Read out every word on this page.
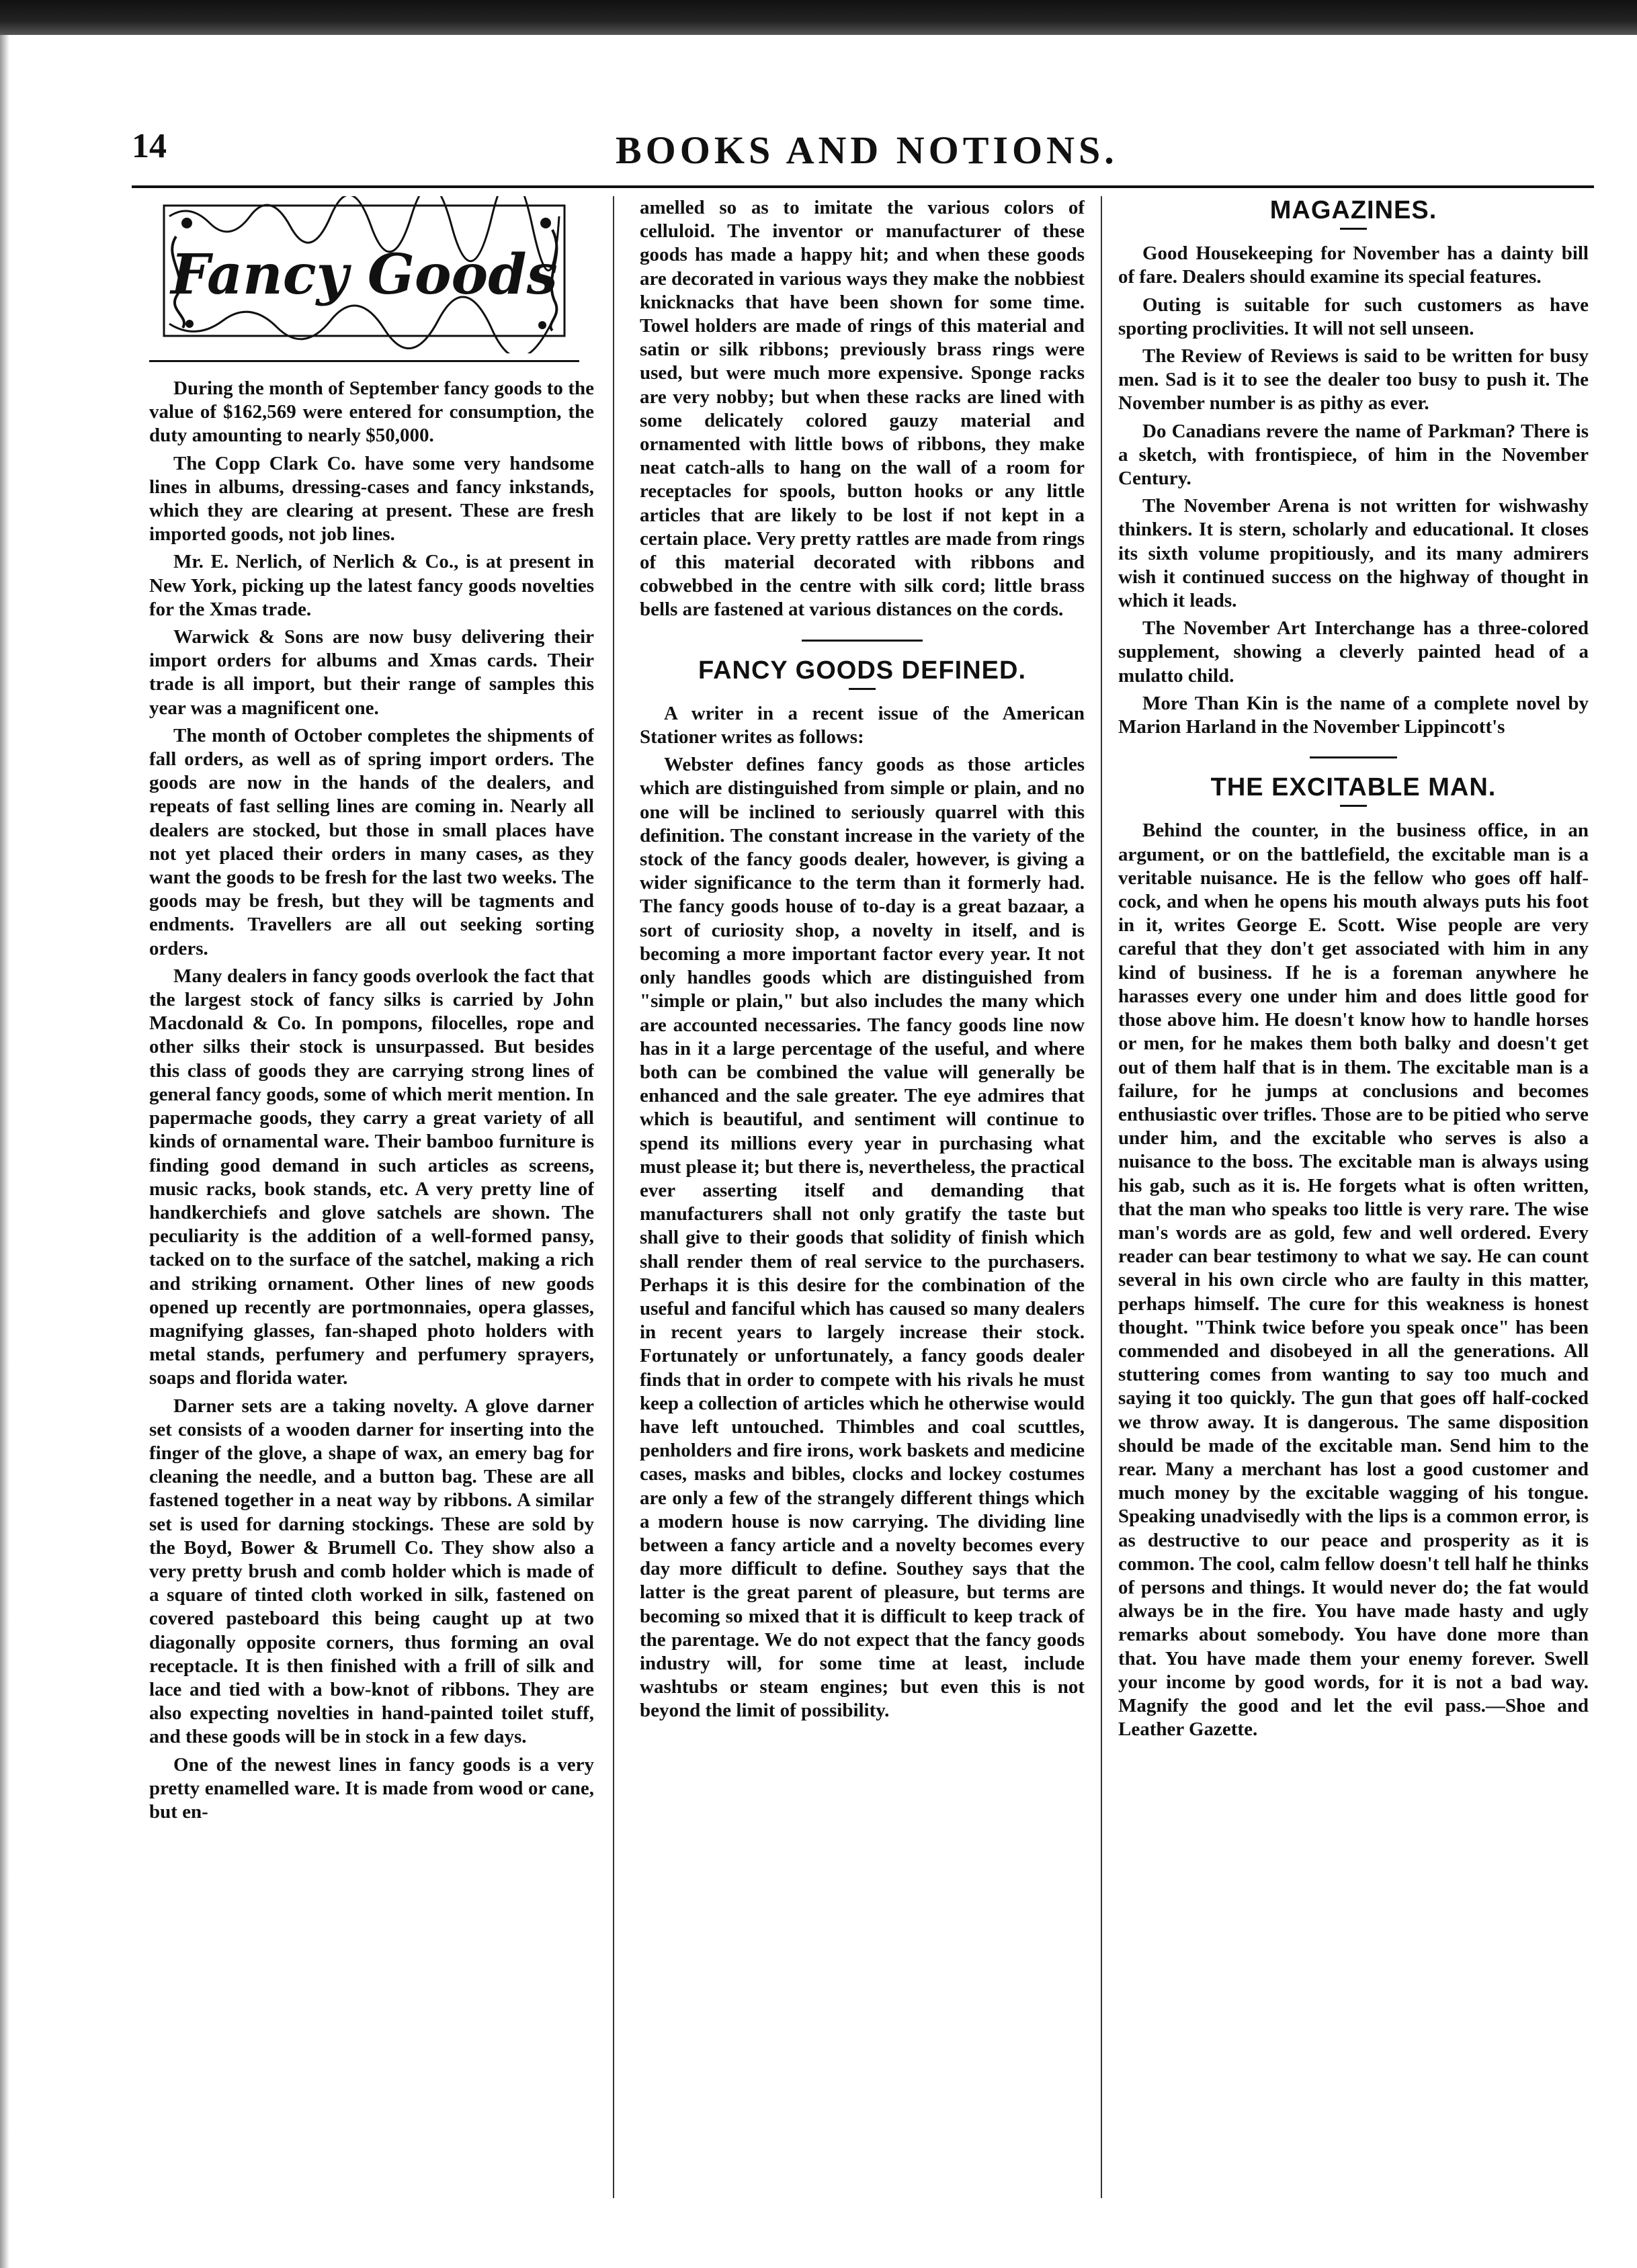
14	BOOKS AND NOTIONS.
Fancy Goods

During the month of September fancy goods to the value of $162,569 were entered for consumption, the duty amounting to nearly $50,000.

The Copp Clark Co. have some very handsome lines in albums, dressing-cases and fancy inkstands, which they are clearing at present. These are fresh imported goods, not job lines.

Mr. E. Nerlich, of Nerlich & Co., is at present in New York, picking up the latest fancy goods novelties for the Xmas trade.

Warwick & Sons are now busy delivering their import orders for albums and Xmas cards. Their trade is all import, but their range of samples this year was a magnificent one.

The month of October completes the shipments of fall orders, as well as of spring import orders. The goods are now in the hands of the dealers, and repeats of fast selling lines are coming in. Nearly all dealers are stocked, but those in small places have not yet placed their orders in many cases, as they want the goods to be fresh for the last two weeks. The goods may be fresh, but they will be tagments and endments. Travellers are all out seeking sorting orders.

Many dealers in fancy goods overlook the fact that the largest stock of fancy silks is carried by John Macdonald & Co. In pompons, filocelles, rope and other silks their stock is unsurpassed. But besides this class of goods they are carrying strong lines of general fancy goods, some of which merit mention. In papermache goods, they carry a great variety of all kinds of ornamental ware. Their bamboo furniture is finding good demand in such articles as screens, music racks, book stands, etc. A very pretty line of handkerchiefs and glove satchels are shown. The peculiarity is the addition of a well-formed pansy, tacked on to the surface of the satchel, making a rich and striking ornament. Other lines of new goods opened up recently are portmonnaies, opera glasses, magnifying glasses, fan-shaped photo holders with metal stands, perfumery and perfumery sprayers, soaps and florida water.

Darner sets are a taking novelty. A glove darner set consists of a wooden darner for inserting into the finger of the glove, a shape of wax, an emery bag for cleaning the needle, and a button bag. These are all fastened together in a neat way by ribbons. A similar set is used for darning stockings. These are sold by the Boyd, Bower & Brumell Co. They show also a very pretty brush and comb holder which is made of a square of tinted cloth worked in silk, fastened on covered pasteboard this being caught up at two diagonally opposite corners, thus forming an oval receptacle. It is then finished with a frill of silk and lace and tied with a bow-knot of ribbons. They are also expecting novelties in hand-painted toilet stuff, and these goods will be in stock in a few days.

One of the newest lines in fancy goods is a very pretty enamelled ware. It is made from wood or cane, but en-

amelled so as to imitate the various colors of celluloid. The inventor or manufacturer of these goods has made a happy hit; and when these goods are decorated in various ways they make the nobbiest knicknacks that have been shown for some time. Towel holders are made of rings of this material and satin or silk ribbons; previously brass rings were used, but were much more expensive. Sponge racks are very nobby; but when these racks are lined with some delicately colored gauzy material and ornamented with little bows of ribbons, they make neat catch-alls to hang on the wall of a room for receptacles for spools, button hooks or any little articles that are likely to be lost if not kept in a certain place. Very pretty rattles are made from rings of this material decorated with ribbons and cobwebbed in the centre with silk cord; little brass bells are fastened at various distances on the cords.

FANCY GOODS DEFINED.

A writer in a recent issue of the American Stationer writes as follows:

Webster defines fancy goods as those articles which are distinguished from simple or plain, and no one will be inclined to seriously quarrel with this definition. The constant increase in the variety of the stock of the fancy goods dealer, however, is giving a wider significance to the term than it formerly had. The fancy goods house of to-day is a great bazaar, a sort of curiosity shop, a novelty in itself, and is becoming a more important factor every year. It not only handles goods which are distinguished from "simple or plain," but also includes the many which are accounted necessaries. The fancy goods line now has in it a large percentage of the useful, and where both can be combined the value will generally be enhanced and the sale greater. The eye admires that which is beautiful, and sentiment will continue to spend its millions every year in purchasing what must please it; but there is, nevertheless, the practical ever asserting itself and demanding that manufacturers shall not only gratify the taste but shall give to their goods that solidity of finish which shall render them of real service to the purchasers. Perhaps it is this desire for the combination of the useful and fanciful which has caused so many dealers in recent years to largely increase their stock. Fortunately or unfortunately, a fancy goods dealer finds that in order to compete with his rivals he must keep a collection of articles which he otherwise would have left untouched. Thimbles and coal scuttles, penholders and fire irons, work baskets and medicine cases, masks and bibles, clocks and lockey costumes are only a few of the strangely different things which a modern house is now carrying. The dividing line between a fancy article and a novelty becomes every day more difficult to define. Southey says that the latter is the great parent of pleasure, but terms are becoming so mixed that it is difficult to keep track of the parentage. We do not expect that the fancy goods industry will, for some time at least, include washtubs or steam engines; but even this is not beyond the limit of possibility.

MAGAZINES.

Good Housekeeping for November has a dainty bill of fare. Dealers should examine its special features.

Outing is suitable for such customers as have sporting proclivities. It will not sell unseen.

The Review of Reviews is said to be written for busy men. Sad is it to see the dealer too busy to push it. The November number is as pithy as ever.

Do Canadians revere the name of Parkman? There is a sketch, with frontispiece, of him in the November Century.

The November Arena is not written for wishwashy thinkers. It is stern, scholarly and educational. It closes its sixth volume propitiously, and its many admirers wish it continued success on the highway of thought in which it leads.

The November Art Interchange has a three-colored supplement, showing a cleverly painted head of a mulatto child.

More Than Kin is the name of a complete novel by Marion Harland in the November Lippincott's

THE EXCITABLE MAN.

Behind the counter, in the business office, in an argument, or on the battlefield, the excitable man is a veritable nuisance. He is the fellow who goes off half-cock, and when he opens his mouth always puts his foot in it, writes George E. Scott. Wise people are very careful that they don't get associated with him in any kind of business. If he is a foreman anywhere he harasses every one under him and does little good for those above him. He doesn't know how to handle horses or men, for he makes them both balky and doesn't get out of them half that is in them. The excitable man is a failure, for he jumps at conclusions and becomes enthusiastic over trifles. Those are to be pitied who serve under him, and the excitable who serves is also a nuisance to the boss. The excitable man is always using his gab, such as it is. He forgets what is often written, that the man who speaks too little is very rare. The wise man's words are as gold, few and well ordered. Every reader can bear testimony to what we say. He can count several in his own circle who are faulty in this matter, perhaps himself. The cure for this weakness is honest thought. "Think twice before you speak once" has been commended and disobeyed in all the generations. All stuttering comes from wanting to say too much and saying it too quickly. The gun that goes off half-cocked we throw away. It is dangerous. The same disposition should be made of the excitable man. Send him to the rear. Many a merchant has lost a good customer and much money by the excitable wagging of his tongue. Speaking unadvisedly with the lips is a common error, is as destructive to our peace and prosperity as it is common. The cool, calm fellow doesn't tell half he thinks of persons and things. It would never do; the fat would always be in the fire. You have made hasty and ugly remarks about somebody. You have done more than that. You have made them your enemy forever. Swell your income by good words, for it is not a bad way. Magnify the good and let the evil pass.—Shoe and Leather Gazette.
